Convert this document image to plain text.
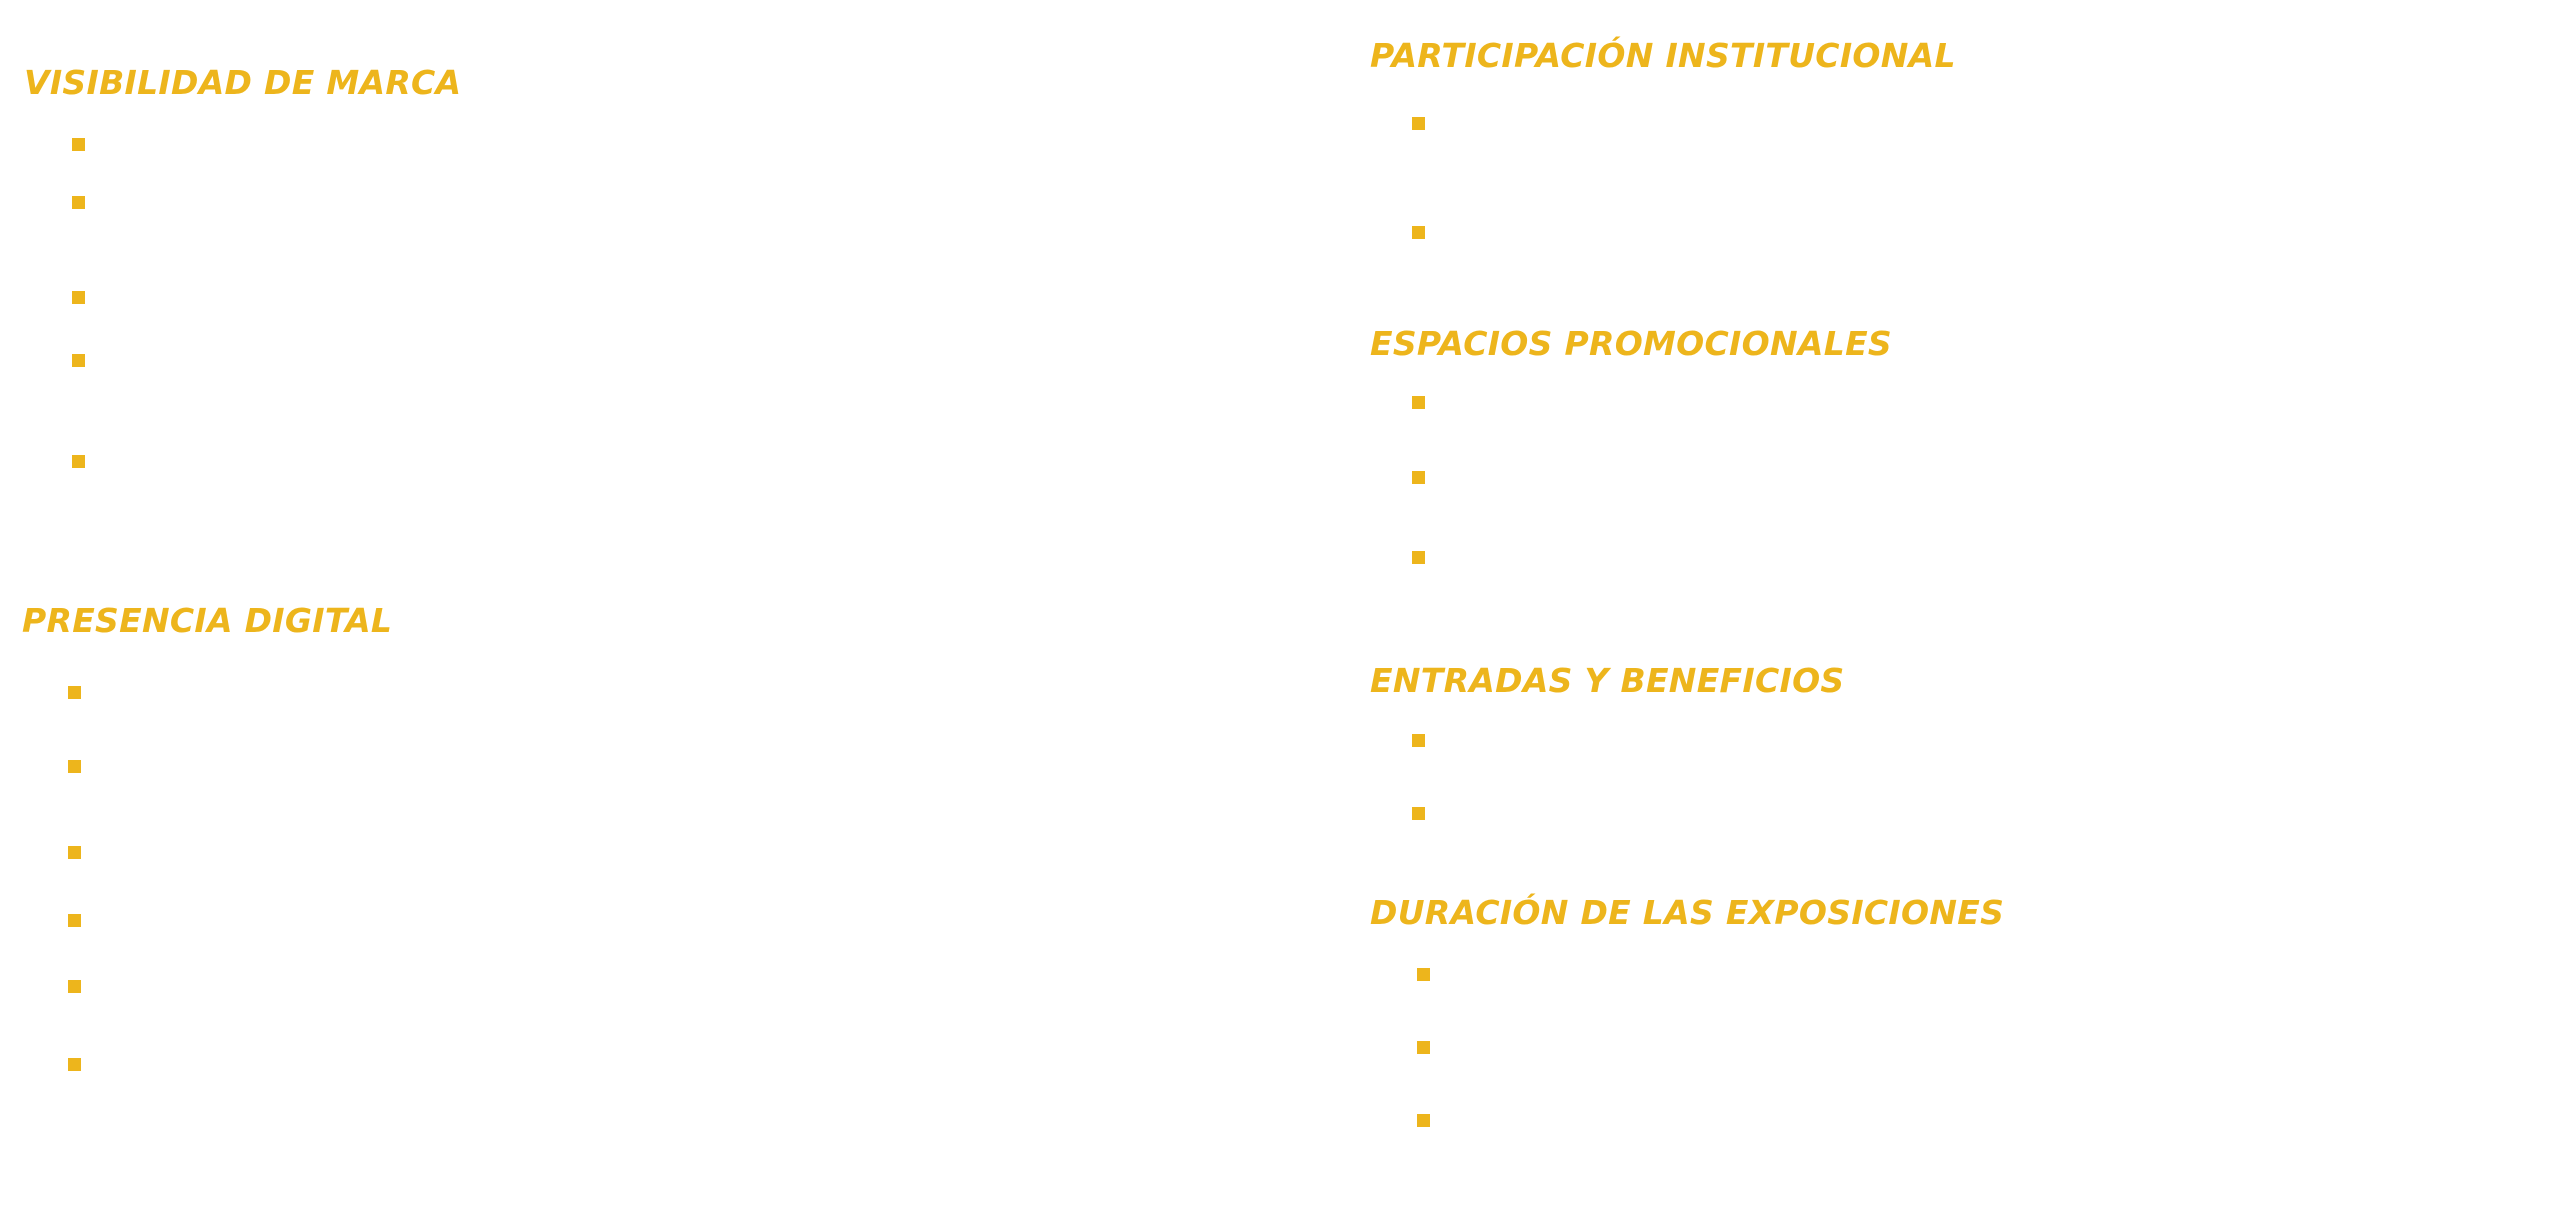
VISIBILIDAD DE MARCA
PRESENCIA DIGITAL
PARTICIPACIÓN INSTITUCIONAL
ESPACIOS PROMOCIONALES
ENTRADAS Y BENEFICIOS
DURACIÓN DE LAS EXPOSICIONES
